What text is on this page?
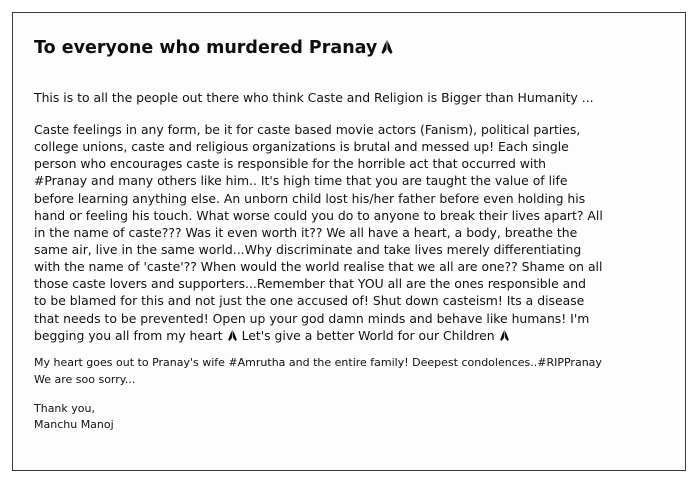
To everyone who murdered Pranay

This is to all the people out there who think Caste and Religion is Bigger than Humanity ...

Caste feelings in any form, be it for caste based movie actors (Fanism), political parties,
college unions, caste and religious organizations is brutal and messed up! Each single
person who encourages caste is responsible for the horrible act that occurred with
#Pranay and many others like him.. It's high time that you are taught the value of life
before learning anything else. An unborn child lost his/her father before even holding his
hand or feeling his touch. What worse could you do to anyone to break their lives apart? All
in the name of caste??? Was it even worth it?? We all have a heart, a body, breathe the
same air, live in the same world...Why discriminate and take lives merely differentiating
with the name of 'caste'?? When would the world realise that we all are one?? Shame on all
those caste lovers and supporters...Remember that YOU all are the ones responsible and
to be blamed for this and not just the one accused of! Shut down casteism! Its a disease
that needs to be prevented! Open up your god damn minds and behave like humans! I'm
begging you all from my heart Let's give a better World for our Children
My heart goes out to Pranay's wife #Amrutha and the entire family! Deepest condolences..#RIPPranay
We are soo sorry...
Thank you,
Manchu Manoj
